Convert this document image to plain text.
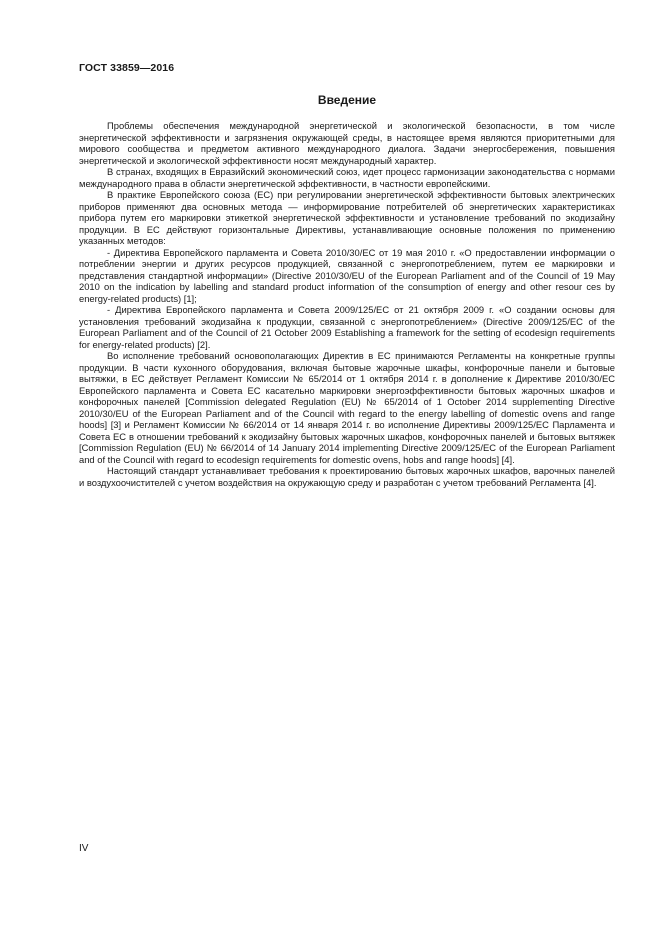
ГОСТ 33859—2016
Введение

Проблемы обеспечения международной энергетической и экологической безопасности, в том числе энергетической эффективности и загрязнения окружающей среды, в настоящее время являются приоритетными для мирового сообщества и предметом активного международного диалога. Задачи энергосбережения, повышения энергетической и экологической эффективности носят международный характер.

В странах, входящих в Евразийский экономический союз, идет процесс гармонизации законодательства с нормами международного права в области энергетической эффективности, в частности европейскими.

В практике Европейского союза (ЕС) при регулировании энергетической эффективности бытовых электрических приборов применяют два основных метода — информирование потребителей об энергетических характеристиках прибора путем его маркировки этикеткой энергетической эффективности и установление требований по экодизайну продукции. В ЕС действуют горизонтальные Директивы, устанавливающие основные положения по применению указанных методов:

- Директива Европейского парламента и Совета 2010/30/ЕС от 19 мая 2010 г. «О предоставлении информации о потреблении энергии и других ресурсов продукцией, связанной с энергопотреблением, путем ее маркировки и представления стандартной информации» (Directive 2010/30/EU of the European Parliament and of the Council of 19 May 2010 on the indication by labelling and standard product information of the consumption of energy and other resour ces by energy-related products) [1];

- Директива Европейского парламента и Совета 2009/125/ЕС от 21 октября 2009 г. «О создании основы для установления требований экодизайна к продукции, связанной с энергопотреблением» (Directive 2009/125/EC of the European Parliament and of the Council of 21 October 2009 Establishing a framework for the setting of ecodesign requirements for energy-related products) [2].

Во исполнение требований основополагающих Директив в ЕС принимаются Регламенты на конкретные группы продукции. В части кухонного оборудования, включая бытовые жарочные шкафы, конфорочные панели и бытовые вытяжки, в ЕС действует Регламент Комиссии № 65/2014 от 1 октября 2014 г. в дополнение к Директиве 2010/30/ЕС Европейского парламента и Совета ЕС касательно маркировки энергоэффективности бытовых жарочных шкафов и конфорочных панелей [Commission delegated Regulation (EU) № 65/2014 of 1 October 2014 supplementing Directive 2010/30/EU of the European Parliament and of the Council with regard to the energy labelling of domestic ovens and range hoods] [3] и Регламент Комиссии № 66/2014 от 14 января 2014 г. во исполнение Директивы 2009/125/ЕС Парламента и Совета ЕС в отношении требований к экодизайну бытовых жарочных шкафов, конфорочных панелей и бытовых вытяжек [Commission Regulation (EU) № 66/2014 of 14 January 2014 implementing Directive 2009/125/EC of the European Parliament and of the Council with regard to ecodesign requirements for domestic ovens, hobs and range hoods] [4].

Настоящий стандарт устанавливает требования к проектированию бытовых жарочных шкафов, варочных панелей и воздухоочистителей с учетом воздействия на окружающую среду и разработан с учетом требований Регламента [4].

IV
